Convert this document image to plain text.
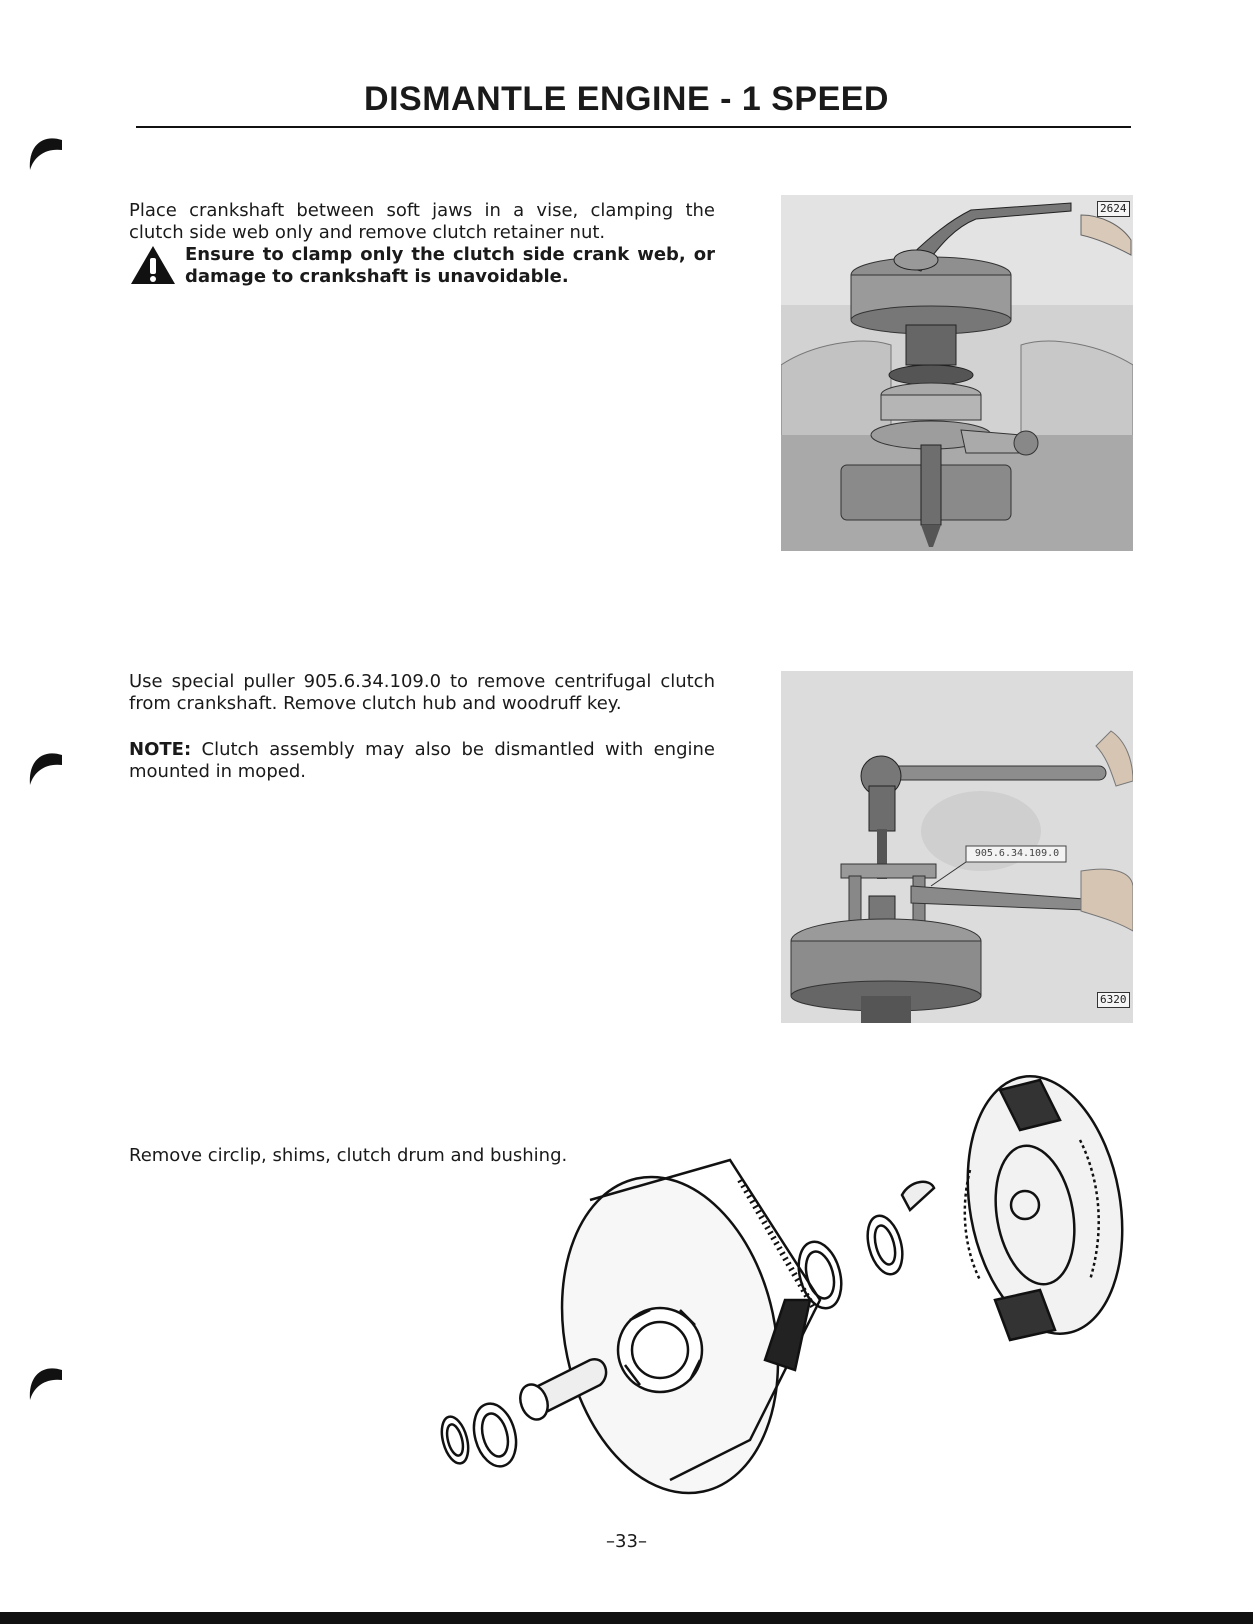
DISMANTLE ENGINE - 1 SPEED

Place crankshaft between soft jaws in a vise, clamping the clutch side web only and remove clutch retainer nut.

Ensure to clamp only the clutch side crank web, or damage to crankshaft is unavoidable.
2624

Use special puller 905.6.34.109.0 to remove centrifugal clutch from crankshaft. Remove clutch hub and woodruff key.

NOTE: Clutch assembly may also be dismantled with engine mounted in moped.

905.6.34.109.0
6320

Remove circlip, shims, clutch drum and bushing.

–33–
